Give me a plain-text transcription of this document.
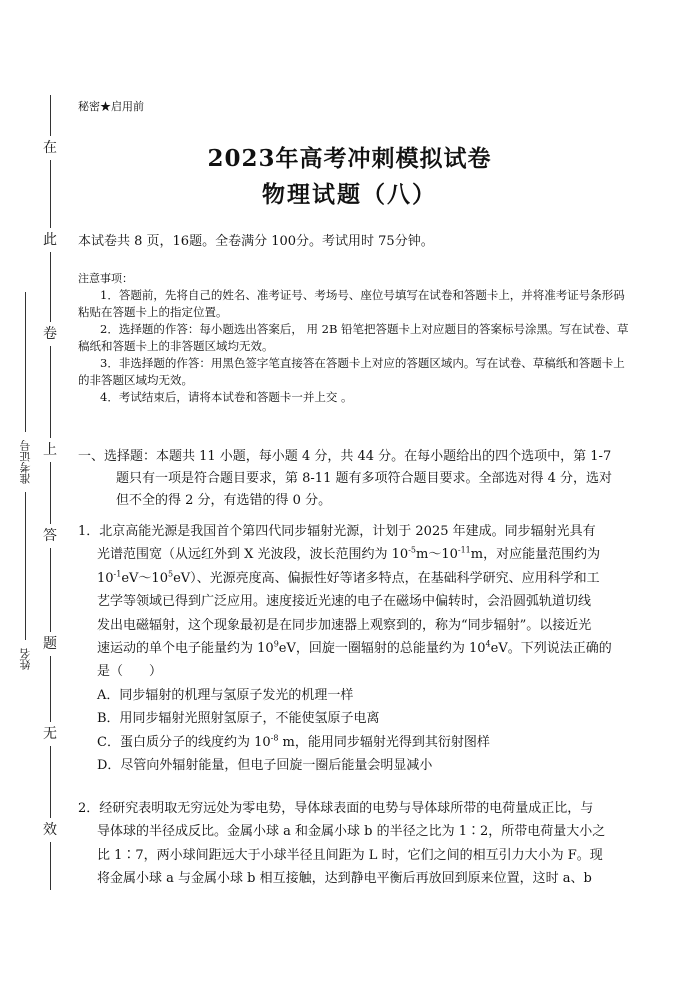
在
此
卷
上
答
题
无
效
准考证号
姓名
秘密★启用前
2023年高考冲刺模拟试卷
物理试题（八）
本试卷共 8 页，16题。全卷满分 100分。考试用时 75分钟。
注意事项：

1．答题前，先将自己的姓名、准考证号、考场号、座位号填写在试卷和答题卡上，并将准考证号条形码粘贴在答题卡上的指定位置。

2．选择题的作答：每小题选出答案后， 用 2B 铅笔把答题卡上对应题目的答案标号涂黑。写在试卷、草稿纸和答题卡上的非答题区域均无效。

3．非选择题的作答：用黑色签字笔直接答在答题卡上对应的答题区域内。写在试卷、草稿纸和答题卡上的非答题区域均无效。

4．考试结束后，请将本试卷和答题卡一并上交 。

一、选择题：本题共 11 小题，每小题 4 分，共 44 分。在每小题给出的四个选项中，第 1-7
题只有一项是符合题目要求，第 8-11 题有多项符合题目要求。全部选对得 4 分，选对
但不全的得 2 分，有选错的得 0 分。
1．北京高能光源是我国首个第四代同步辐射光源，计划于 2025 年建成。同步辐射光具有
光谱范围宽（从远红外到 X 光波段，波长范围约为 $10^{-5}m\sim 10^{-11}m$，对应能量范围约为
$10^{-1}eV\sim 10^5eV$）、光源亮度高、偏振性好等诸多特点，在基础科学研究、应用科学和工
艺学等领域已得到广泛应用。速度接近光速的电子在磁场中偏转时，会沿圆弧轨道切线
发出电磁辐射，这个现象最初是在同步加速器上观察到的，称为“同步辐射”。以接近光
速运动的单个电子能量约为 $10^9eV$，回旋一圈辐射的总能量约为 $10^4eV$。下列说法正确的
是（　　）
A．同步辐射的机理与氢原子发光的机理一样
B．用同步辐射光照射氢原子，不能使氢原子电离
C．蛋白质分子的线度约为 $10^{-8}$ m，能用同步辐射光得到其衍射图样
D．尽管向外辐射能量，但电子回旋一圈后能量会明显减小
2．经研究表明取无穷远处为零电势，导体球表面的电势与导体球所带的电荷量成正比，与
导体球的半径成反比。金属小球 a 和金属小球 b 的半径之比为 1∶2，所带电荷量大小之
比 1∶7，两小球间距远大于小球半径且间距为 L 时，它们之间的相互引力大小为 F。现
将金属小球 a 与金属小球 b 相互接触，达到静电平衡后再放回到原来位置，这时 a、b
